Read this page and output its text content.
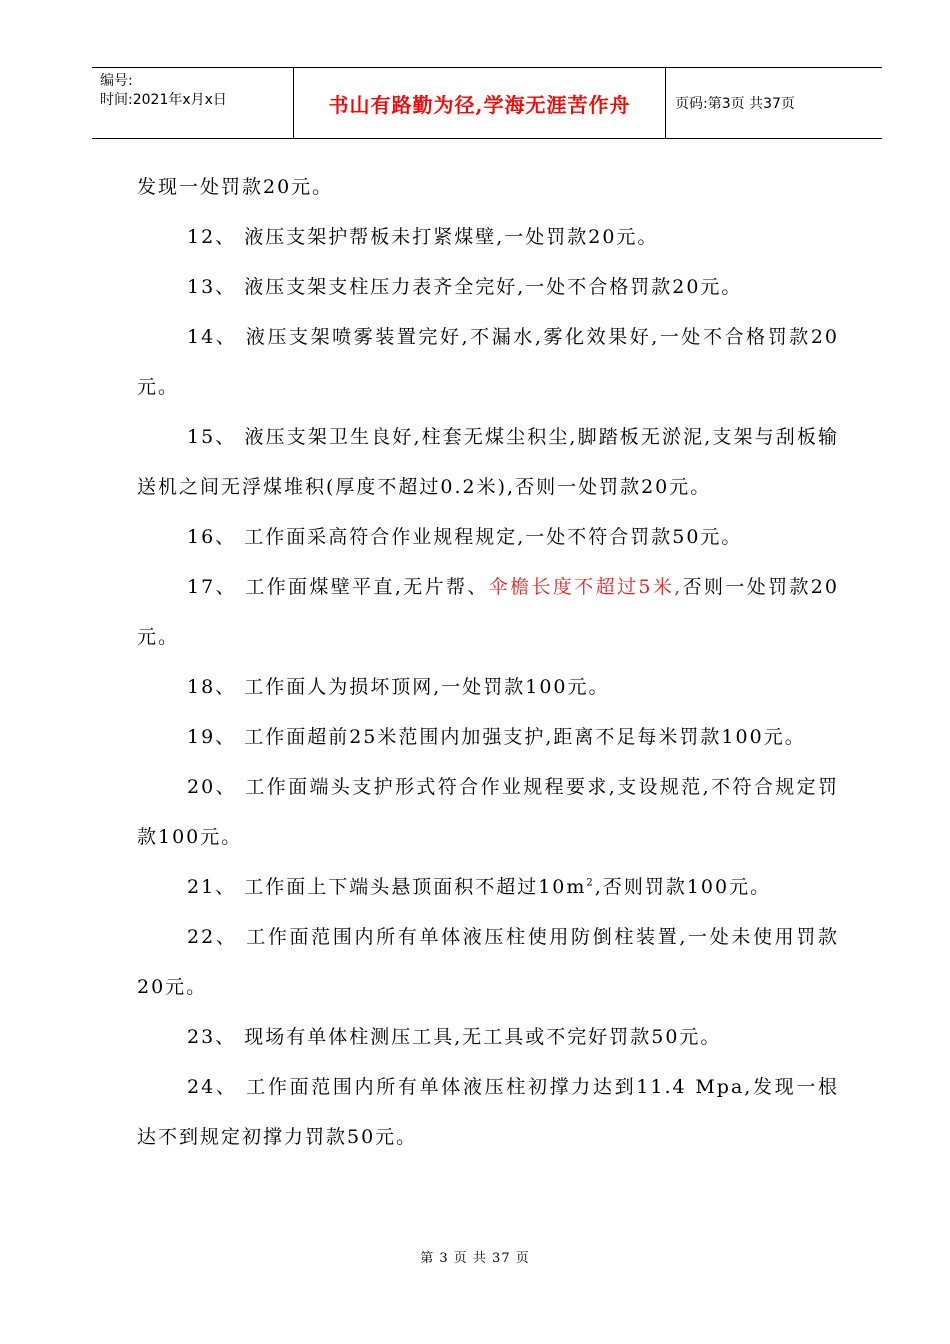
编号:
时间:2021年x月x日	书山有路勤为径,学海无涯苦作舟	页码:第3页 共37页

发现一处罚款20元。

12、 液压支架护帮板未打紧煤壁,一处罚款20元。

13、 液压支架支柱压力表齐全完好,一处不合格罚款20元。

14、 液压支架喷雾装置完好,不漏水,雾化效果好,一处不合格罚款20元。

15、 液压支架卫生良好,柱套无煤尘积尘,脚踏板无淤泥,支架与刮板输送机之间无浮煤堆积(厚度不超过0.2米),否则一处罚款20元。

16、 工作面采高符合作业规程规定,一处不符合罚款50元。

17、 工作面煤壁平直,无片帮、伞檐长度不超过5米,否则一处罚款20元。

18、 工作面人为损坏顶网,一处罚款100元。

19、 工作面超前25米范围内加强支护,距离不足每米罚款100元。

20、 工作面端头支护形式符合作业规程要求,支设规范,不符合规定罚款100元。

21、 工作面上下端头悬顶面积不超过$10m^2$,否则罚款100元。

22、 工作面范围内所有单体液压柱使用防倒柱装置,一处未使用罚款20元。

23、 现场有单体柱测压工具,无工具或不完好罚款50元。

24、 工作面范围内所有单体液压柱初撑力达到11.4 Mpa,发现一根达不到规定初撑力罚款50元。

第 3 页 共 37 页
